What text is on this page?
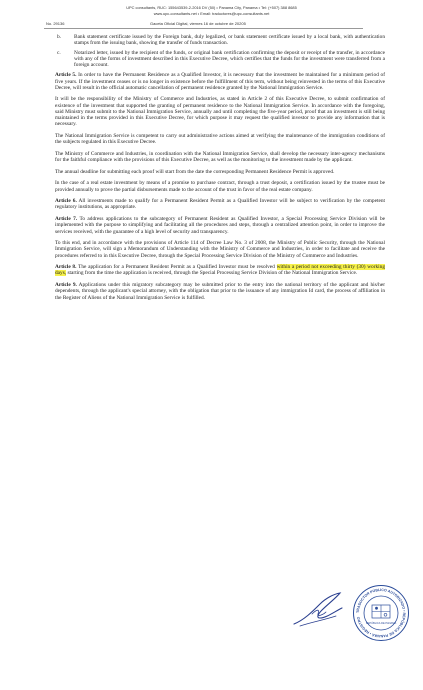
UPC consultants, RUC: 155643539-2-2016 DV (50) • Panama City, Panama • Tel: (+507) 388 8685
www.upc-consultants.net • Email: traductores@upc-consultants.net
No. 29136	Gaceta Oficial Digital, viernes 16 de octubre de 20205
b.	Bank statement certificate issued by the Foreign bank, duly legalized, or bank statement certificate issued by a local bank, with authentication stamps from the issuing bank, showing the transfer of funds transaction.
c.	Notarized letter, issued by the recipient of the funds, or original bank certification confirming the deposit or receipt of the transfer, in accordance with any of the forms of investment described in this Executive Decree, which certifies that the funds for the investment were transferred from a foreign account.

Article 5. In order to have the Permanent Residence as a Qualified Investor, it is necessary that the investment be maintained for a minimum period of five years. If the investment ceases or is no longer in existence before the fulfillment of this term, without being reinvested in the terms of this Executive Decree, will result in the official automatic cancellation of permanent residence granted by the National Immigration Service.

It will be the responsibility of the Ministry of Commerce and Industries, as stated in Article 2 of this Executive Decree, to submit confirmation of existence of the investment that supported the granting of permanent residence to the National Immigration Service. In accordance with the foregoing, said Ministry must submit to the National Immigration Service, annually and until completing the five-year period, proof that an investment is still being maintained in the terms provided in this Executive Decree, for which purpose it may request the qualified investor to provide any information that is necessary.

The National Immigration Service is competent to carry out administrative actions aimed at verifying the maintenance of the immigration conditions of the subjects regulated in this Executive Decree.

The Ministry of Commerce and Industries, in coordination with the National Immigration Service, shall develop the necessary inter-agency mechanisms for the faithful compliance with the provisions of this Executive Decree, as well as the monitoring to the investment made by the applicant.

The annual deadline for submitting each proof will start from the date the corresponding Permanent Residence Permit is approved.

In the case of a real estate investment by means of a promise to purchase contract, through a trust deposit, a certification issued by the trustee must be provided annually to prove the partial disbursements made to the account of the trust in favor of the real estate company.

Article 6. All investments made to qualify for a Permanent Resident Permit as a Qualified Investor will be subject to verification by the competent regulatory institutions, as appropriate.

Article 7. To address applications to the subcategory of Permanent Resident as Qualified Investor, a Special Processing Service Division will be implemented with the purpose to simplifying and facilitating all the procedures and steps, through a centralized attention point, in order to improve the services received, with the guarantee of a high level of security and transparency.

To this end, and in accordance with the provisions of Article 114 of Decree Law No. 3 of 2008, the Ministry of Public Security, through the National Immigration Service, will sign a Memorandum of Understanding with the Ministry of Commerce and Industries, in order to facilitate and receive the procedures referred to in this Executive Decree, through the Special Processing Service Division of the Ministry of Commerce and Industries.

Article 8. The application for a Permanent Resident Permit as a Qualified Investor must be resolved within a period not exceeding thirty (30) working days, starting from the time the application is received, through the Special Processing Service Division of the National Immigration Service.

Article 9. Applications under this migratory subcategory may be submitted prior to the entry into the national territory of the applicant and his/her dependents, through the applicant's special attorney, with the obligation that prior to the issuance of any immigration Id card, the process of affiliation in the Register of Aliens of the National Immigration Service is fulfilled.

TRADUCTOR PÚBLICO AUTORIZADO • REPÚBLICA DE PANAMÁ • REGISTRO
REPÚBLICA DE PANAMÁ
